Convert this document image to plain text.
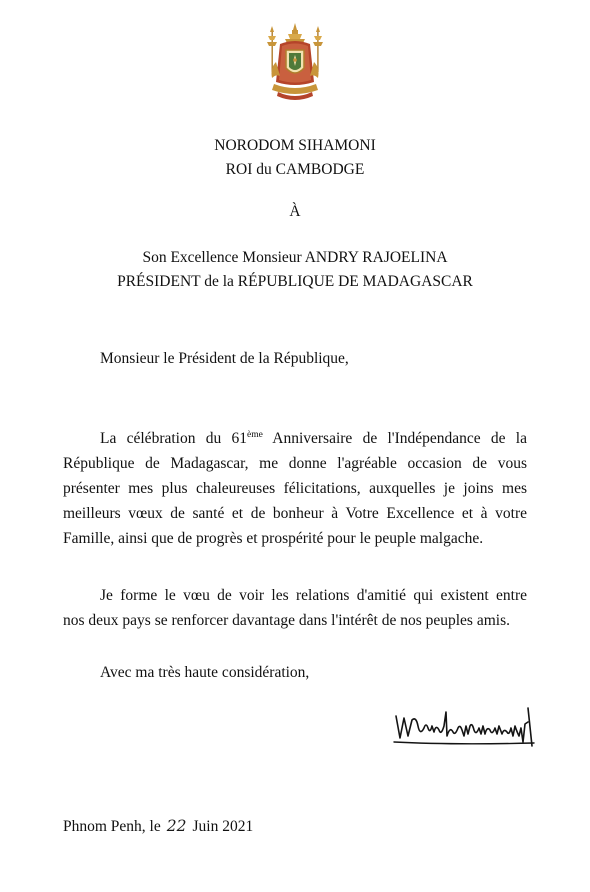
NORODOM SIHAMONI
ROI du CAMBODGE
À
Son Excellence Monsieur ANDRY RAJOELINA
PRÉSIDENT de la RÉPUBLIQUE DE MADAGASCAR
Monsieur le Président de la République,
La célébration du 61ème Anniversaire de l'Indépendance de la
République de Madagascar, me donne l'agréable occasion de vous
présenter mes plus chaleureuses félicitations, auxquelles je joins mes
meilleurs vœux de santé et de bonheur à Votre Excellence et à votre
Famille, ainsi que de progrès et prospérité pour le peuple malgache.
Je forme le vœu de voir les relations d'amitié qui existent entre
nos deux pays se renforcer davantage dans l'intérêt de nos peuples amis.
Avec ma très haute considération,
Phnom Penh, le 22 Juin 2021
